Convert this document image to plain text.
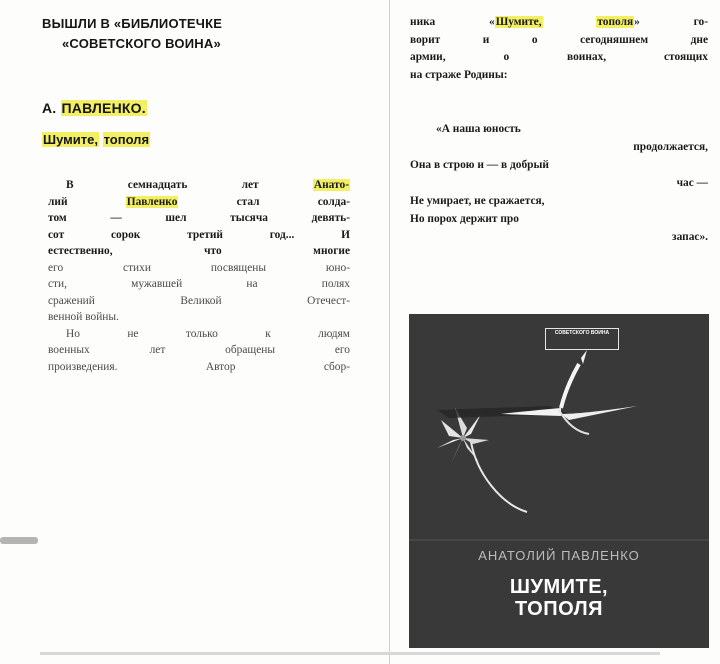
ВЫШЛИ В «БИБЛИОТЕЧКЕ
«СОВЕТСКОГО ВОИНА»
А. ПАВЛЕНКО.
Шумите, тополя
В семнадцать лет	Анато-
лий	Павленко	стал солда-
том — шел тысяча девять-
сот сорок третий год... И
естественно, что многие
его стихи посвящены юно-
сти, мужавшей на полях
сражений Великой Отечест-
венной войны.
Но не только к людям
военных лет обращены его
произведения. Автор сбор-
ника «Шумите,	тополя» го-
ворит и о сегодняшнем дне
армии, о воинах, стоящих
на страже Родины:
«А наша юность
продолжается,
Она в строю и — в добрый
час —
Не умирает, не сражается,
Но порох держит про
запас».
СОВЕТСКОГО ВОИНА
АНАТОЛИЙ ПАВЛЕНКО
ШУМИТЕ,
ТОПОЛЯ
